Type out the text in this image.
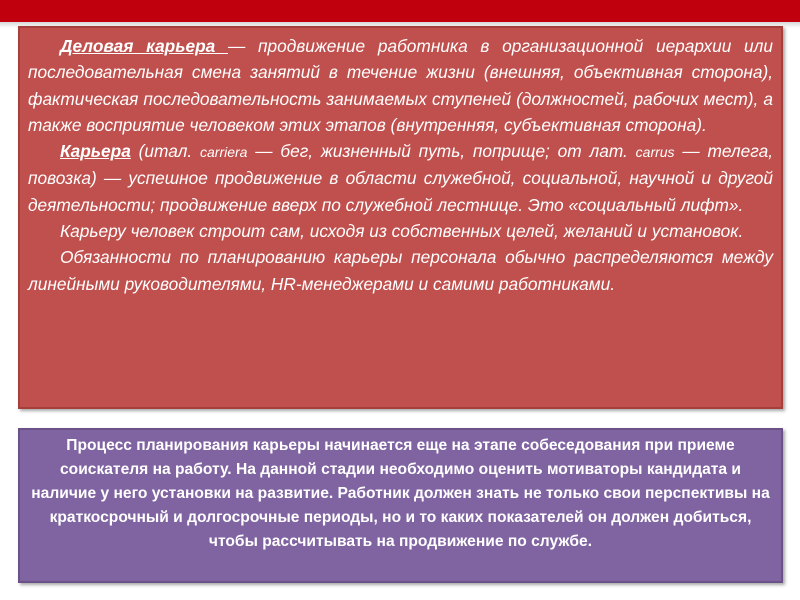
Деловая карьера — продвижение работника в организационной иерархии или последовательная смена занятий в течение жизни (внешняя, объективная сторона), фактическая последовательность занимаемых ступеней (должностей, рабочих мест), а также восприятие человеком этих этапов (внутренняя, субъективная сторона).

Карьера (итал. carriera — бег, жизненный путь, поприще; от лат. carrus — телега, повозка) — успешное продвижение в области служебной, социальной, научной и другой деятельности; продвижение вверх по служебной лестнице. Это «социальный лифт».

Карьеру человек строит сам, исходя из собственных целей, желаний и установок.

Обязанности по планированию карьеры персонала обычно распределяются между линейными руководителями, HR-менеджерами и самими работниками.

Процесс планирования карьеры начинается еще на этапе собеседования при приеме соискателя на работу. На данной стадии необходимо оценить мотиваторы кандидата и наличие у него установки на развитие. Работник должен знать не только свои перспективы на краткосрочный и долгосрочные периоды, но и то каких показателей он должен добиться, чтобы рассчитывать на продвижение по службе.
